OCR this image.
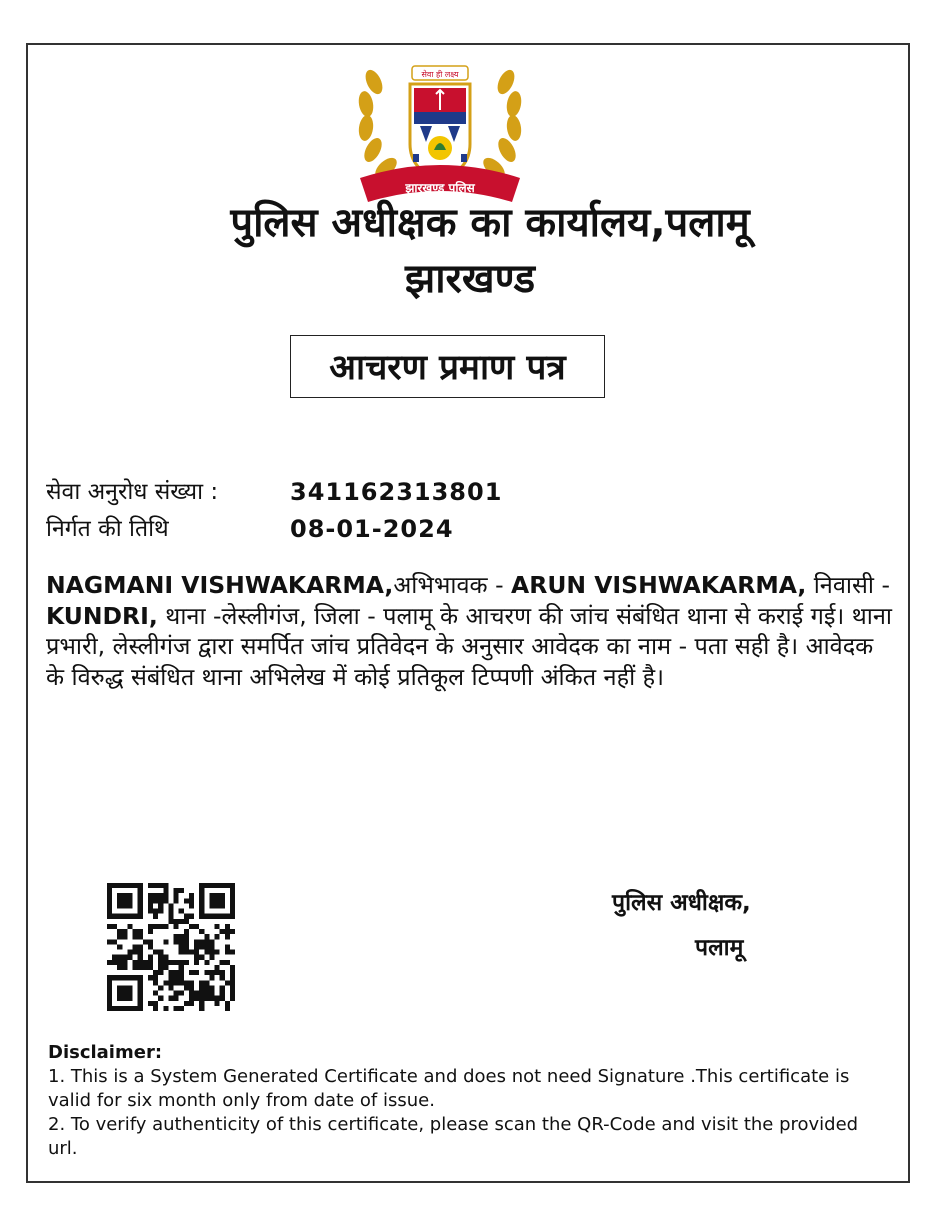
सेवा ही लक्ष्य
झारखण्ड पुलिस
पुलिस अधीक्षक का कार्यालय,पलामू
झारखण्ड
आचरण प्रमाण पत्र
सेवा अनुरोध संख्या :	341162313801
निर्गत की तिथि	08-01-2024
NAGMANI VISHWAKARMA,अभिभावक - ARUN VISHWAKARMA, निवासी - KUNDRI, थाना -लेस्लीगंज, जिला - पलामू के आचरण की जांच संबंधित थाना से कराई गई। थाना प्रभारी, लेस्लीगंज द्वारा समर्पित जांच प्रतिवेदन के अनुसार आवेदक का नाम - पता सही है। आवेदक के विरुद्ध संबंधित थाना अभिलेख में कोई प्रतिकूल टिप्पणी अंकित नहीं है।
पुलिस अधीक्षक,
पलामू
Disclaimer:
1. This is a System Generated Certificate and does not need Signature .This certificate is valid for six month only from date of issue.
2. To verify authenticity of this certificate, please scan the QR-Code and visit the provided url.
